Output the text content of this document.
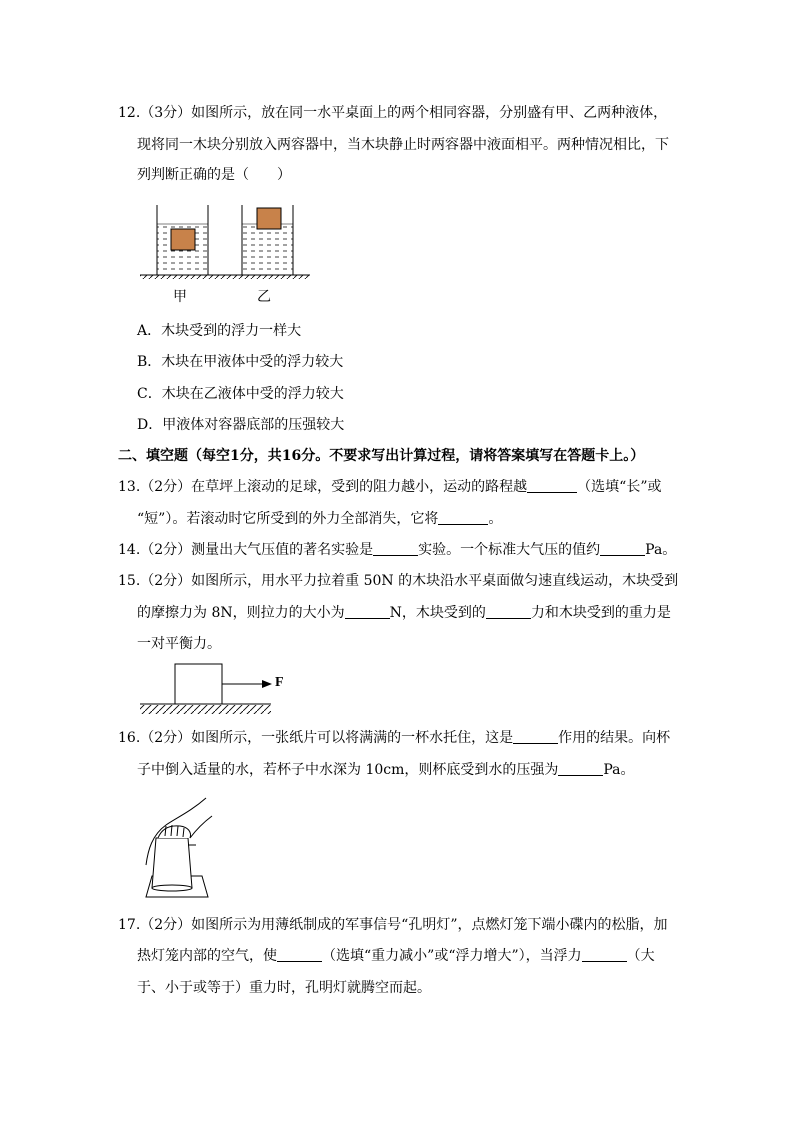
12.（3分）如图所示，放在同一水平桌面上的两个相同容器，分别盛有甲、乙两种液体，
现将同一木块分别放入两容器中，当木块静止时两容器中液面相平。两种情况相比，下
列判断正确的是（　　）
甲	乙
A．木块受到的浮力一样大
B．木块在甲液体中受的浮力较大
C．木块在乙液体中受的浮力较大
D．甲液体对容器底部的压强较大
二、填空题（每空1分，共16分。不要求写出计算过程，请将答案填写在答题卡上。）
13.（2分）在草坪上滚动的足球，受到的阻力越小，运动的路程越	（选填“长”或
“短”）。若滚动时它所受到的外力全部消失，它将	。
14.（2分）测量出大气压值的著名实验是	实验。一个标准大气压的值约	Pa。
15.（2分）如图所示，用水平力拉着重 50N 的木块沿水平桌面做匀速直线运动，木块受到
的摩擦力为 8N，则拉力的大小为	N，木块受到的	力和木块受到的重力是
一对平衡力。
F
16.（2分）如图所示，一张纸片可以将满满的一杯水托住，这是	作用的结果。向杯
子中倒入适量的水，若杯子中水深为 10cm，则杯底受到水的压强为	Pa。
17.（2分）如图所示为用薄纸制成的军事信号“孔明灯”，点燃灯笼下端小碟内的松脂，加
热灯笼内部的空气，使	（选填“重力减小”或“浮力增大”），当浮力	（大
于、小于或等于）重力时，孔明灯就腾空而起。
